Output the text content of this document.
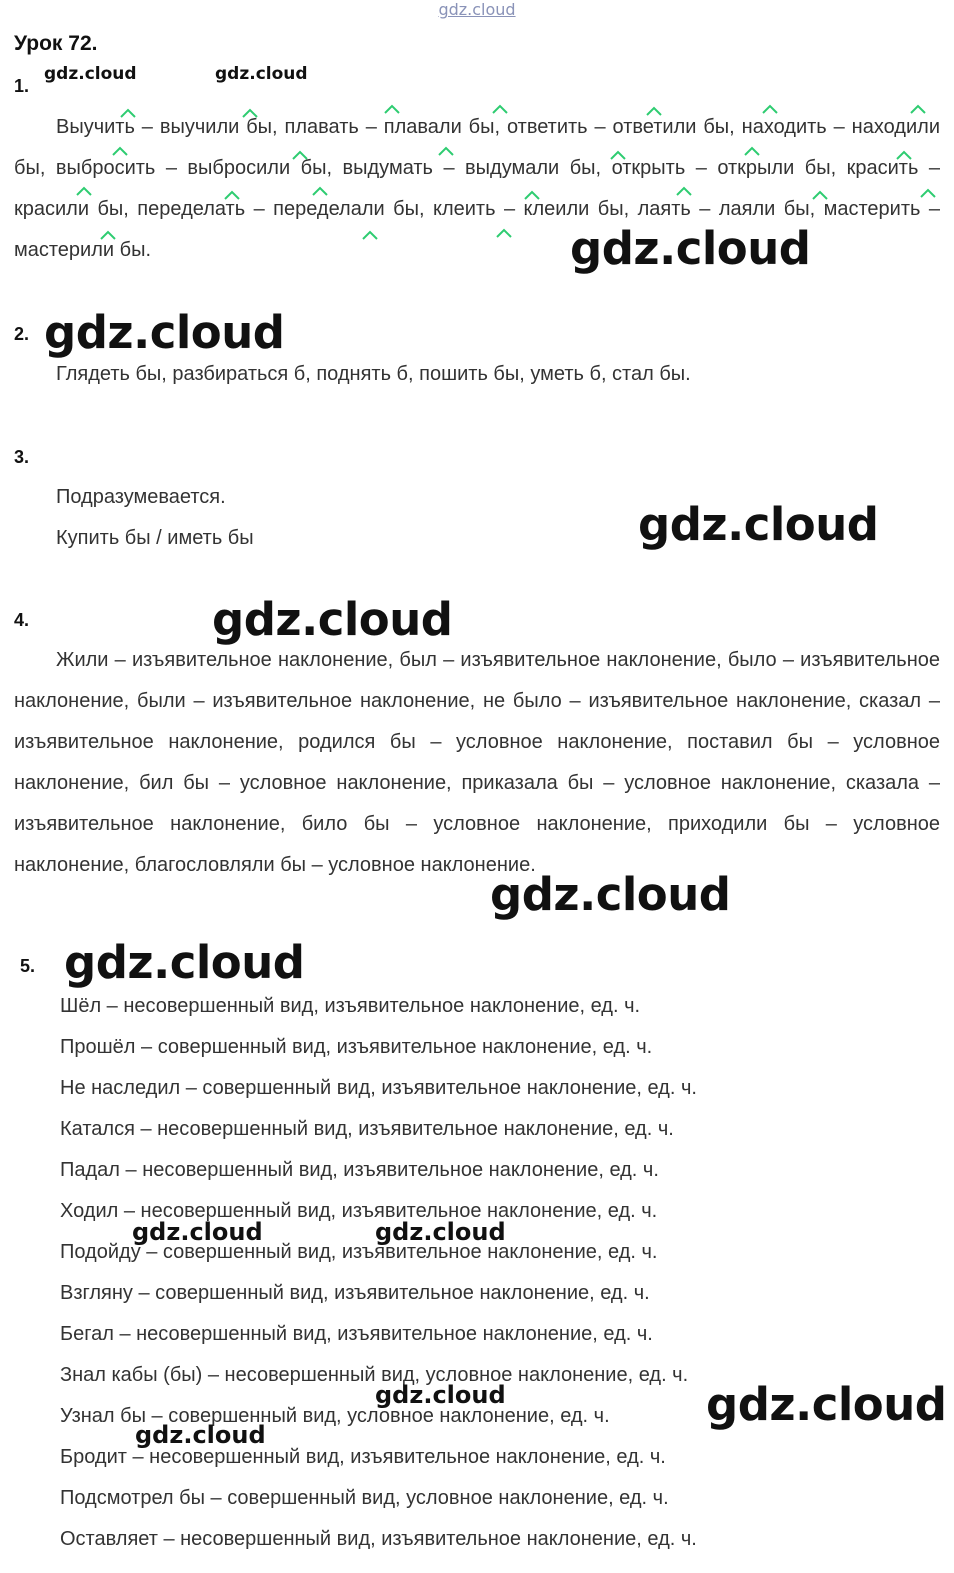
gdz.cloud
Урок 72.
1.
gdz.cloud	gdz.cloud

Выучить – выучили бы, плавать – плавали бы, ответить – ответили бы, находить – находили бы, выбросить – выбросили бы, выдумать – выдумали бы, открыть – открыли бы, красить – красили бы, переделать – переделали бы, клеить – клеили бы, лаять – лаяли бы, мастерить – мастерили бы.	gdz.cloud
2. gdz.cloud
Глядеть бы, разбираться б, поднять б, пошить бы, уметь б, стал бы.
3.
Подразумевается.
Купить бы / иметь бы	gdz.cloud
4.	gdz.cloud

Жили – изъявительное наклонение, был – изъявительное наклонение, было – изъявительное наклонение, были – изъявительное наклонение, не было – изъявительное наклонение, сказал – изъявительное наклонение, родился бы – условное наклонение, поставил бы – условное наклонение, бил бы – условное наклонение, приказала бы – условное наклонение, сказала – изъявительное наклонение, било бы – условное наклонение, приходили бы – условное наклонение, благословляли бы – условное наклонение.

gdz.cloud
5. gdz.cloud
Шёл – несовершенный вид, изъявительное наклонение, ед. ч.
Прошёл – совершенный вид, изъявительное наклонение, ед. ч.
Не наследил – совершенный вид, изъявительное наклонение, ед. ч.
Катался – несовершенный вид, изъявительное наклонение, ед. ч.
Падал – несовершенный вид, изъявительное наклонение, ед. ч.
Ходил – несовершенный вид, изъявительное наклонение, ед. ч.
Подойду – совершенный вид, изъявительное наклонение, ед. ч.
Взгляну – совершенный вид, изъявительное наклонение, ед. ч.
Бегал – несовершенный вид, изъявительное наклонение, ед. ч.
Знал кабы (бы) – несовершенный вид, условное наклонение, ед. ч.
Узнал бы – совершенный вид, условное наклонение, ед. ч.
Бродит – несовершенный вид, изъявительное наклонение, ед. ч.
Подсмотрел бы – совершенный вид, условное наклонение, ед. ч.
Оставляет – несовершенный вид, изъявительное наклонение, ед. ч.
gdz.cloud	gdz.cloud
gdz.cloud
gdz.cloud
gdz.cloud
